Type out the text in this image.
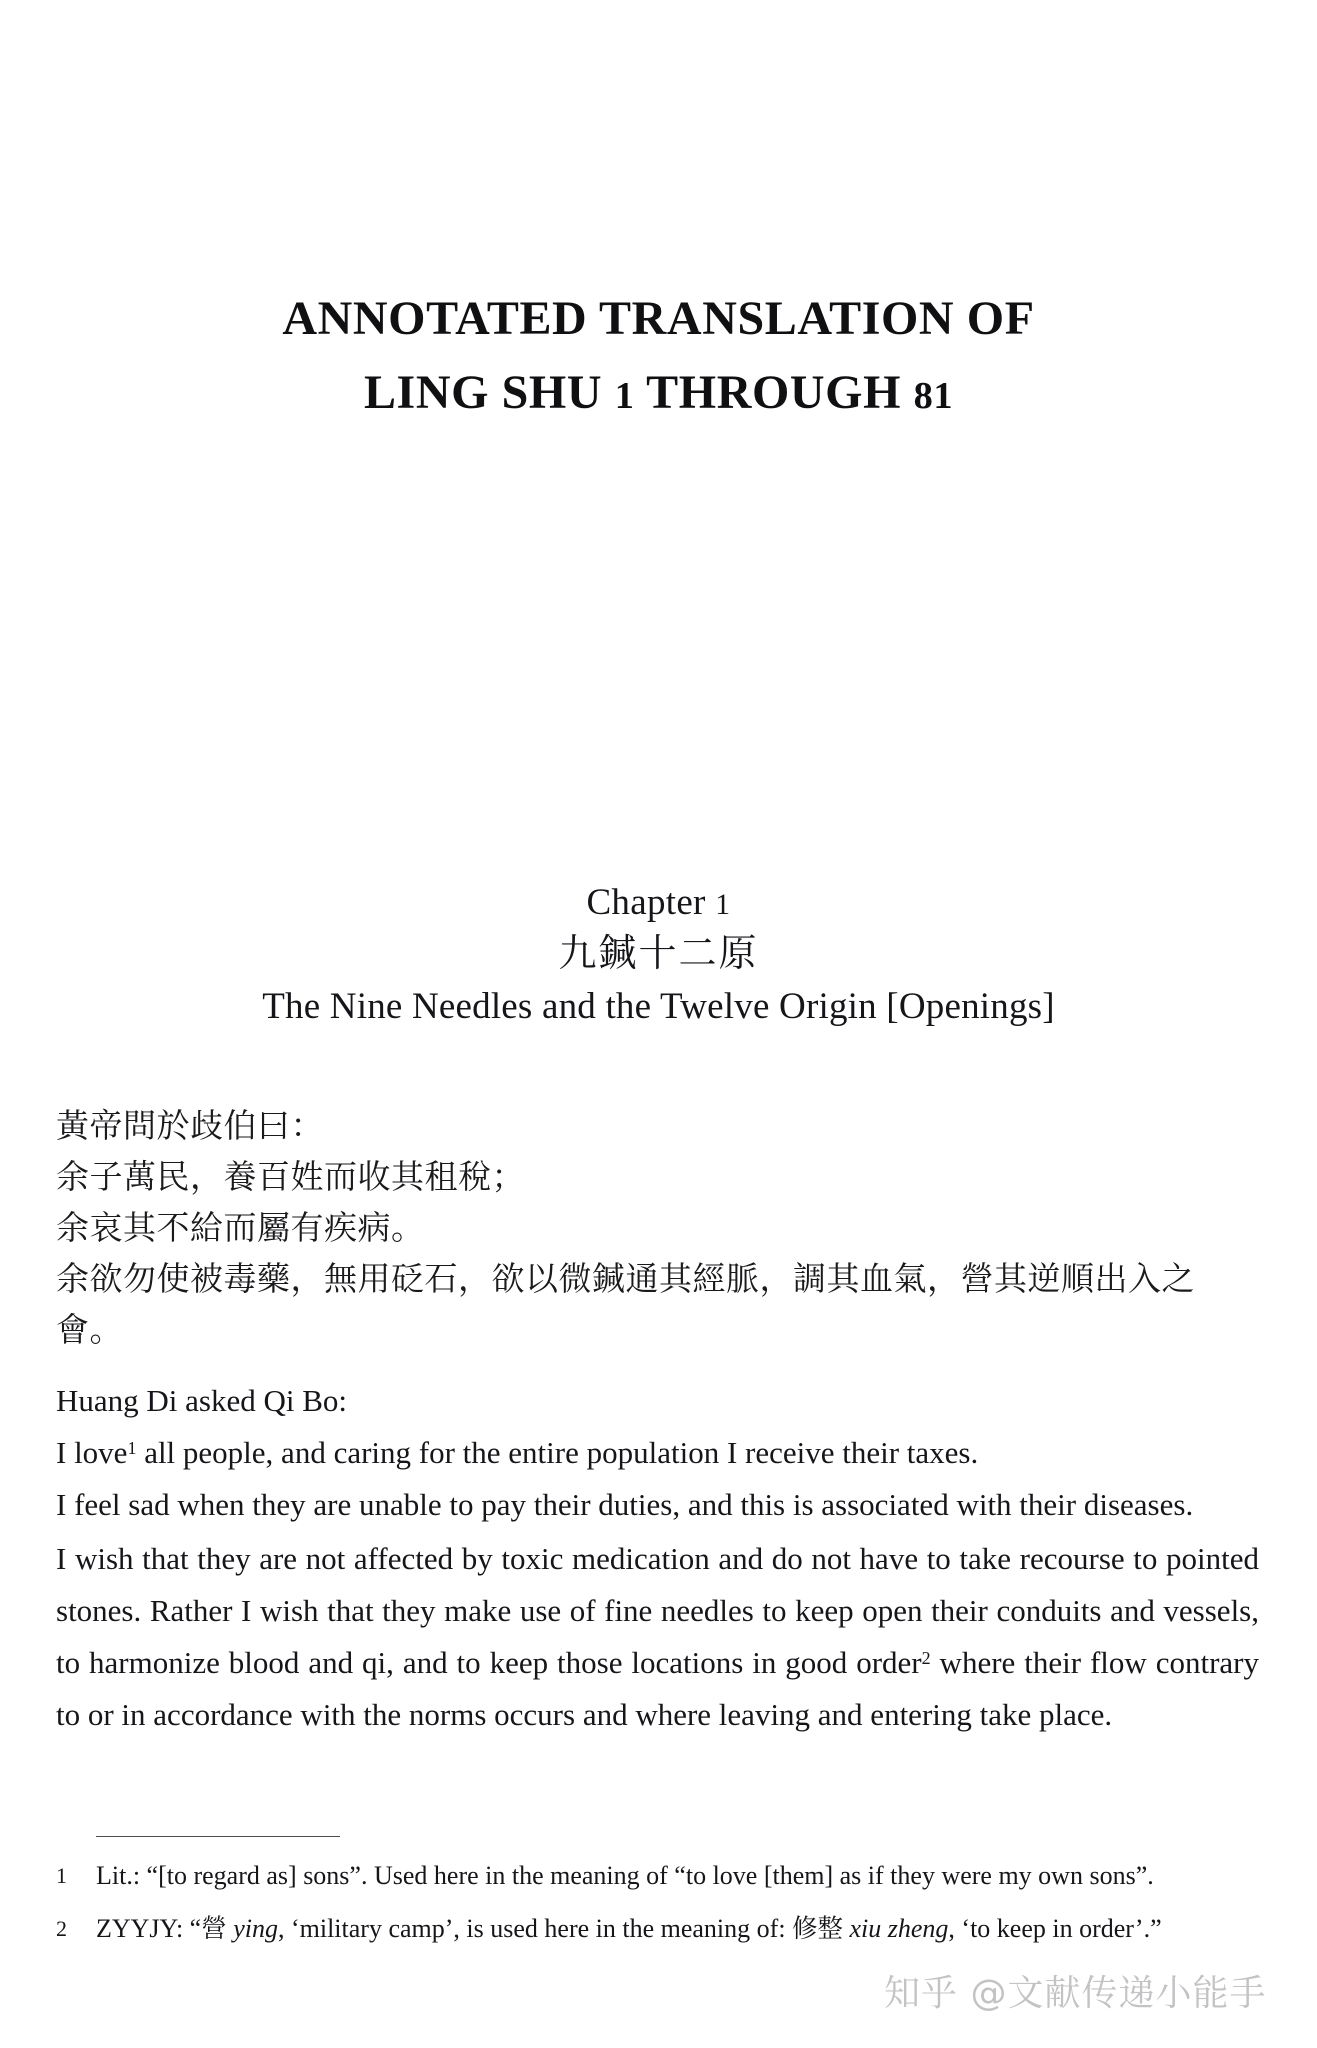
ANNOTATED TRANSLATION OF
LING SHU 1 THROUGH 81
Chapter 1
九鍼十二原
The Nine Needles and the Twelve Origin [Openings]
黃帝問於歧伯曰：
余子萬民，養百姓而收其租稅；
余哀其不給而屬有疾病。
余欲勿使被毒藥，無用砭石，欲以微鍼通其經脈，調其血氣，營其逆順出入之會。
Huang Di asked Qi Bo:
I love$^1$ all people, and caring for the entire population I receive their taxes.
I feel sad when they are unable to pay their duties, and this is associated with their diseases.

I wish that they are not affected by toxic medication and do not have to take recourse to pointed stones. Rather I wish that they make use of fine needles to keep open their conduits and vessels, to harmonize blood and qi, and to keep those locations in good order$^2$ where their flow contrary to or in accordance with the norms occurs and where leaving and entering take place.

1	Lit.: “[to regard as] sons”. Used here in the meaning of “to love [them] as if they were my own sons”.
2	ZYYJY: “營 ying, ‘military camp’, is used here in the meaning of: 修整 xiu zheng, ‘to keep in order’.”
知乎 @文献传递小能手
